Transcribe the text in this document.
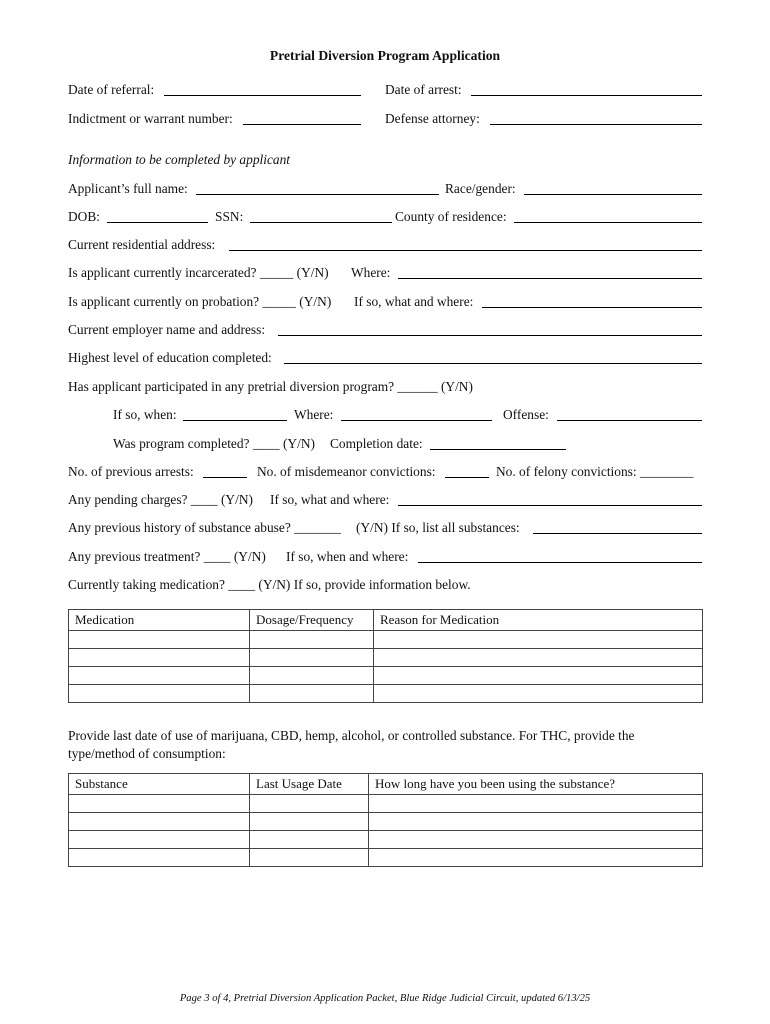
Pretrial Diversion Program Application
Date of referral:	Date of arrest:
Indictment or warrant number:	Defense attorney:
Information to be completed by applicant
Applicant’s full name:	Race/gender:
DOB:	SSN:	County of residence:
Current residential address:
Is applicant currently incarcerated? _____ (Y/N) Where:
Is applicant currently on probation? _____ (Y/N) If so, what and where:
Current employer name and address:
Highest level of education completed:
Has applicant participated in any pretrial diversion program? ______ (Y/N)
If so, when:	Where:	Offense:
Was program completed? ____ (Y/N) Completion date:
No. of previous arrests:	No. of misdemeanor convictions:	No. of felony convictions: ________
Any pending charges? ____ (Y/N) If so, what and where:
Any previous history of substance abuse? _______ (Y/N) If so, list all substances:
Any previous treatment? ____ (Y/N) If so, when and where:
Currently taking medication? ____ (Y/N) If so, provide information below.
Medication	Dosage/Frequency	Reason for Medication

Provide last date of use of marijuana, CBD, hemp, alcohol, or controlled substance. For THC, provide the
type/method of consumption:
Substance	Last Usage Date	How long have you been using the substance?

Page 3 of 4, Pretrial Diversion Application Packet, Blue Ridge Judicial Circuit, updated 6/13/25
